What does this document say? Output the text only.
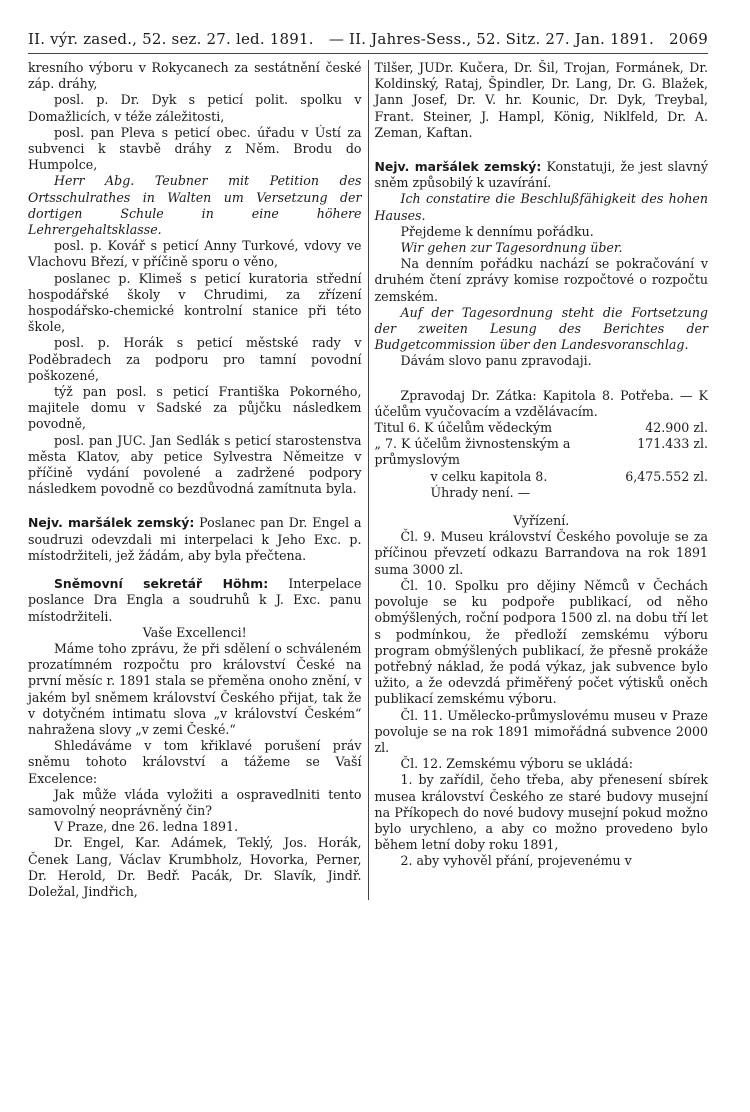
II. výr. zased., 52. sez. 27. led. 1891. — II. Jahres-Sess., 52. Sitz. 27. Jan. 1891. 2069

kresního výboru v Rokycanech za sestátnění české záp. dráhy,

posl. p. Dr. Dyk s peticí polit. spolku v Domažlicích, v téže záležitosti,

posl. pan Pleva s peticí obec. úřadu v Ústí za subvenci k stavbě dráhy z Něm. Brodu do Humpolce,

Herr Abg. Teubner mit Petition des Ortsschulrathes in Walten um Versetzung der dortigen Schule in eine höhere Lehrergehaltsklasse.

posl. p. Kovář s peticí Anny Turkové, vdovy ve Vlachovu Březí, v příčině sporu o věno,

poslanec p. Klimeš s peticí kuratoria střední hospodářské školy v Chrudimi, za zřízení hospodářsko-chemické kontrolní stanice při této škole,

posl. p. Horák s peticí městské rady v Poděbradech za podporu pro tamní povodní poškozené,

týž pan posl. s peticí Františka Pokorného, majitele domu v Sadské za půjčku následkem povodně,

posl. pan JUC. Jan Sedlák s peticí starostenstva města Klatov, aby petice Sylvestra Němeitze v příčině vydání povolené a zadržené podpory následkem povodně co bezdůvodná zamítnuta byla.

Nejv. maršálek zemský: Poslanec pan Dr. Engel a soudruzi odevzdali mi interpelaci k Jeho Exc. p. místodržiteli, jež žádám, aby byla přečtena.

Sněmovní sekretář Höhm: Interpelace poslance Dra Engla a soudruhů k J. Exc. panu místodržiteli.

Vaše Excellenci!

Máme toho zprávu, že při sdělení o schváleném prozatímném rozpočtu pro království České na první měsíc r. 1891 stala se přeměna onoho znění, v jakém byl sněmem království Českého přijat, tak že v dotyčném intimatu slova „v království Českém“ nahražena slovy „v zemi České.“

Shledáváme v tom křiklavé porušení práv sněmu tohoto království a tážeme se Vaší Excelence:

Jak může vláda vyložiti a ospravedlniti tento samovolný neoprávněný čin?

V Praze, dne 26. ledna 1891.

Dr. Engel, Kar. Adámek, Teklý, Jos. Horák, Čenek Lang, Václav Krumbholz, Hovorka, Perner, Dr. Herold, Dr. Bedř. Pacák, Dr. Slavík, Jindř. Doležal, Jindřich,

Tilšer, JUDr. Kučera, Dr. Šil, Trojan, Formánek, Dr. Koldinský, Rataj, Špindler, Dr. Lang, Dr. G. Blažek, Jann Josef, Dr. V. hr. Kounic, Dr. Dyk, Treybal, Frant. Steiner, J. Hampl, König, Niklfeld, Dr. A. Zeman, Kaftan.

Nejv. maršálek zemský: Konstatuji, že jest slavný sněm způsobilý k uzavírání.

Ich constatire die Beschlußfähigkeit des hohen Hauses.

Přejdeme k dennímu pořádku.

Wir gehen zur Tagesordnung über.

Na denním pořádku nachází se pokračování v druhém čtení zprávy komise rozpočtové o rozpočtu zemském.

Auf der Tagesordnung steht die Fortsetzung der zweiten Lesung des Berichtes der Budgetcommission über den Landesvoranschlag.

Dávám slovo panu zpravodaji.

Zpravodaj Dr. Zátka: Kapitola 8. Potřeba. — K účelům vyučovacím a vzdělávacím.

Titul 6. K účelům vědeckým	42.900 zl.
„ 7. K účelům živnostenským a průmyslovým	171.433 zl.
v celku kapitola 8.	6,475.552 zl.

Úhrady není. —

Vyřízení.

Čl. 9. Museu království Českého povoluje se za příčinou převzetí odkazu Barrandova na rok 1891 suma 3000 zl.

Čl. 10. Spolku pro dějiny Němců v Čechách povoluje se ku podpoře publikací, od něho obmýšlených, roční podpora 1500 zl. na dobu tří let s podmínkou, že předloží zemskému výboru program obmýšlených publikací, že přesně prokáže potřebný náklad, že podá výkaz, jak subvence bylo užito, a že odevzdá přiměřený počet výtisků oněch publikací zemskému výboru.

Čl. 11. Umělecko-průmyslovému museu v Praze povoluje se na rok 1891 mimořádná subvence 2000 zl.

Čl. 12. Zemskému výboru se ukládá:

1. by zařídil, čeho třeba, aby přenesení sbírek musea království Českého ze staré budovy musejní na Příkopech do nové budovy musejní pokud možno bylo urychleno, a aby co možno provedeno bylo během letní doby roku 1891,

2. aby vyhověl přání, projevenému v
